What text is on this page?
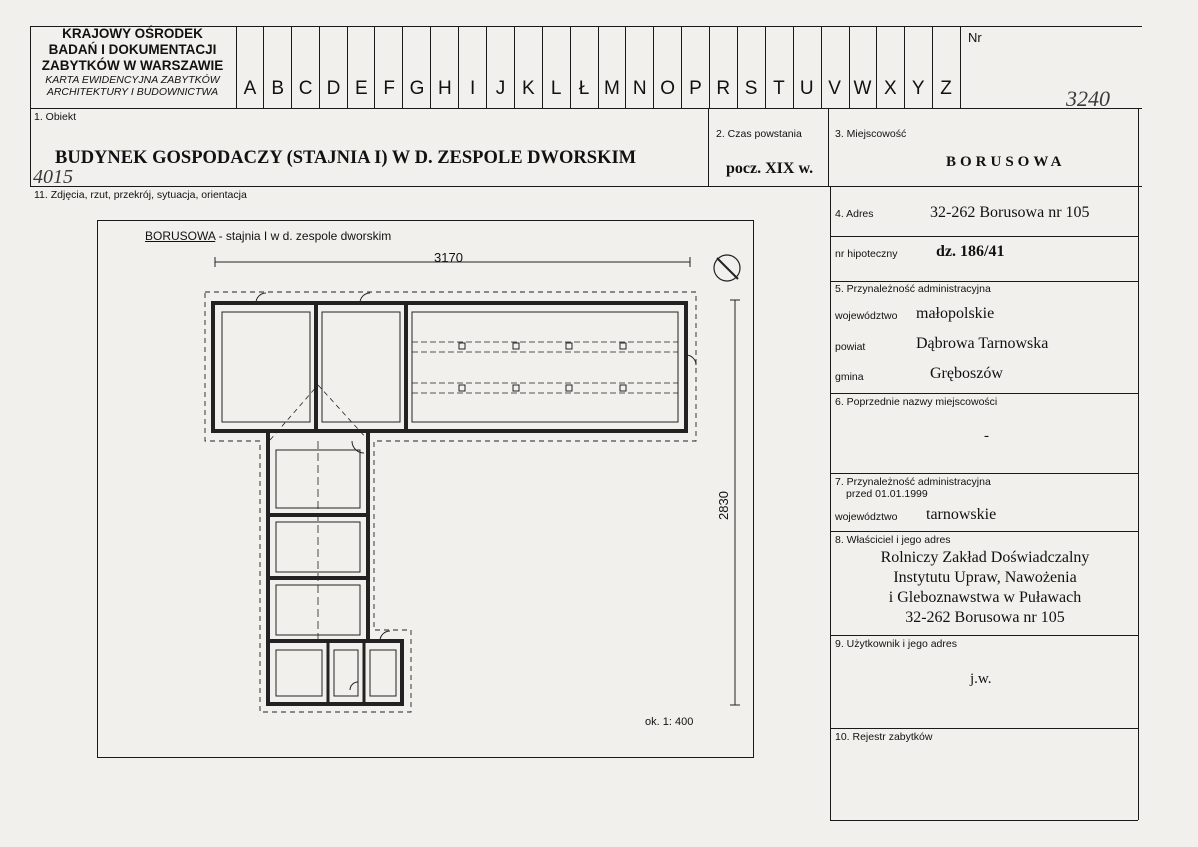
KRAJOWY OŚRODEK
BADAŃ I DOKUMENTACJI
ZABYTKÓW W WARSZAWIE
KARTA EWIDENCYJNA ZABYTKÓW
ARCHITEKTURY I BUDOWNICTWA	A B C D E F G H I	J K L Ł M N O P R S T U V W X Y Z
Nr
3240
1. Obiekt
BUDYNEK GOSPODACZY (STAJNIA I) W D. ZESPOLE DWORSKIM
4015
2. Czas powstania
pocz. XIX w.
3. Miejscowość
BORUSOWA
11. Zdjęcia, rzut, przekrój, sytuacja, orientacja
BORUSOWA - stajnia I w d. zespole dworskim
3170
2830
ok. 1: 400
4. Adres	32-262 Borusowa nr 105
nr hipoteczny dz. 186/41
5. Przynależność administracyjna
województwo małopolskie
powiat	Dąbrowa Tarnowska
gmina	Gręboszów
6. Poprzednie nazwy miejscowości
-
7. Przynależność administracyjna
przed 01.01.1999
województwo tarnowskie
8. Właściciel i jego adres
Rolniczy Zakład Doświadczalny
Instytutu Upraw, Nawożenia
i Gleboznawstwa w Puławach
32-262 Borusowa nr 105
9. Użytkownik i jego adres
j.w.
10. Rejestr zabytków
